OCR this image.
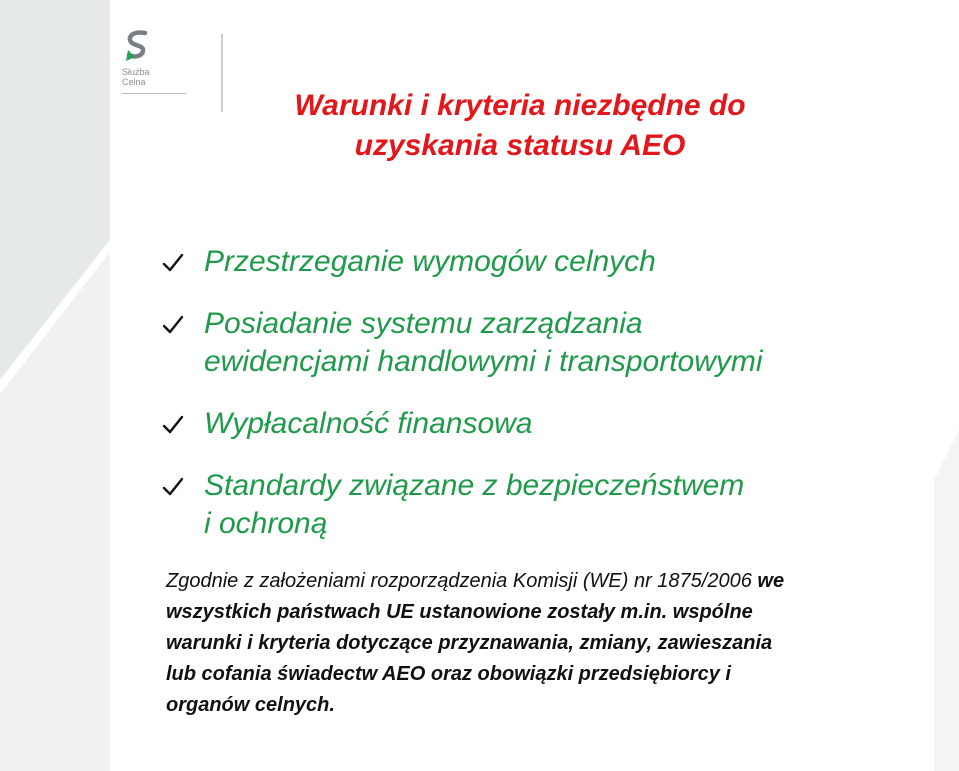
Służba
Celna
Warunki i kryteria niezbędne do
uzyskania statusu AEO
Przestrzeganie wymogów celnych
Posiadanie systemu zarządzania
ewidencjami handlowymi i transportowymi
Wypłacalność finansowa
Standardy związane z bezpieczeństwem
i ochroną
Zgodnie z założeniami rozporządzenia Komisji (WE) nr 1875/2006 we
wszystkich państwach UE ustanowione zostały m.in. wspólne
warunki i kryteria dotyczące przyznawania, zmiany, zawieszania
lub cofania świadectw AEO oraz obowiązki przedsiębiorcy i
organów celnych.
